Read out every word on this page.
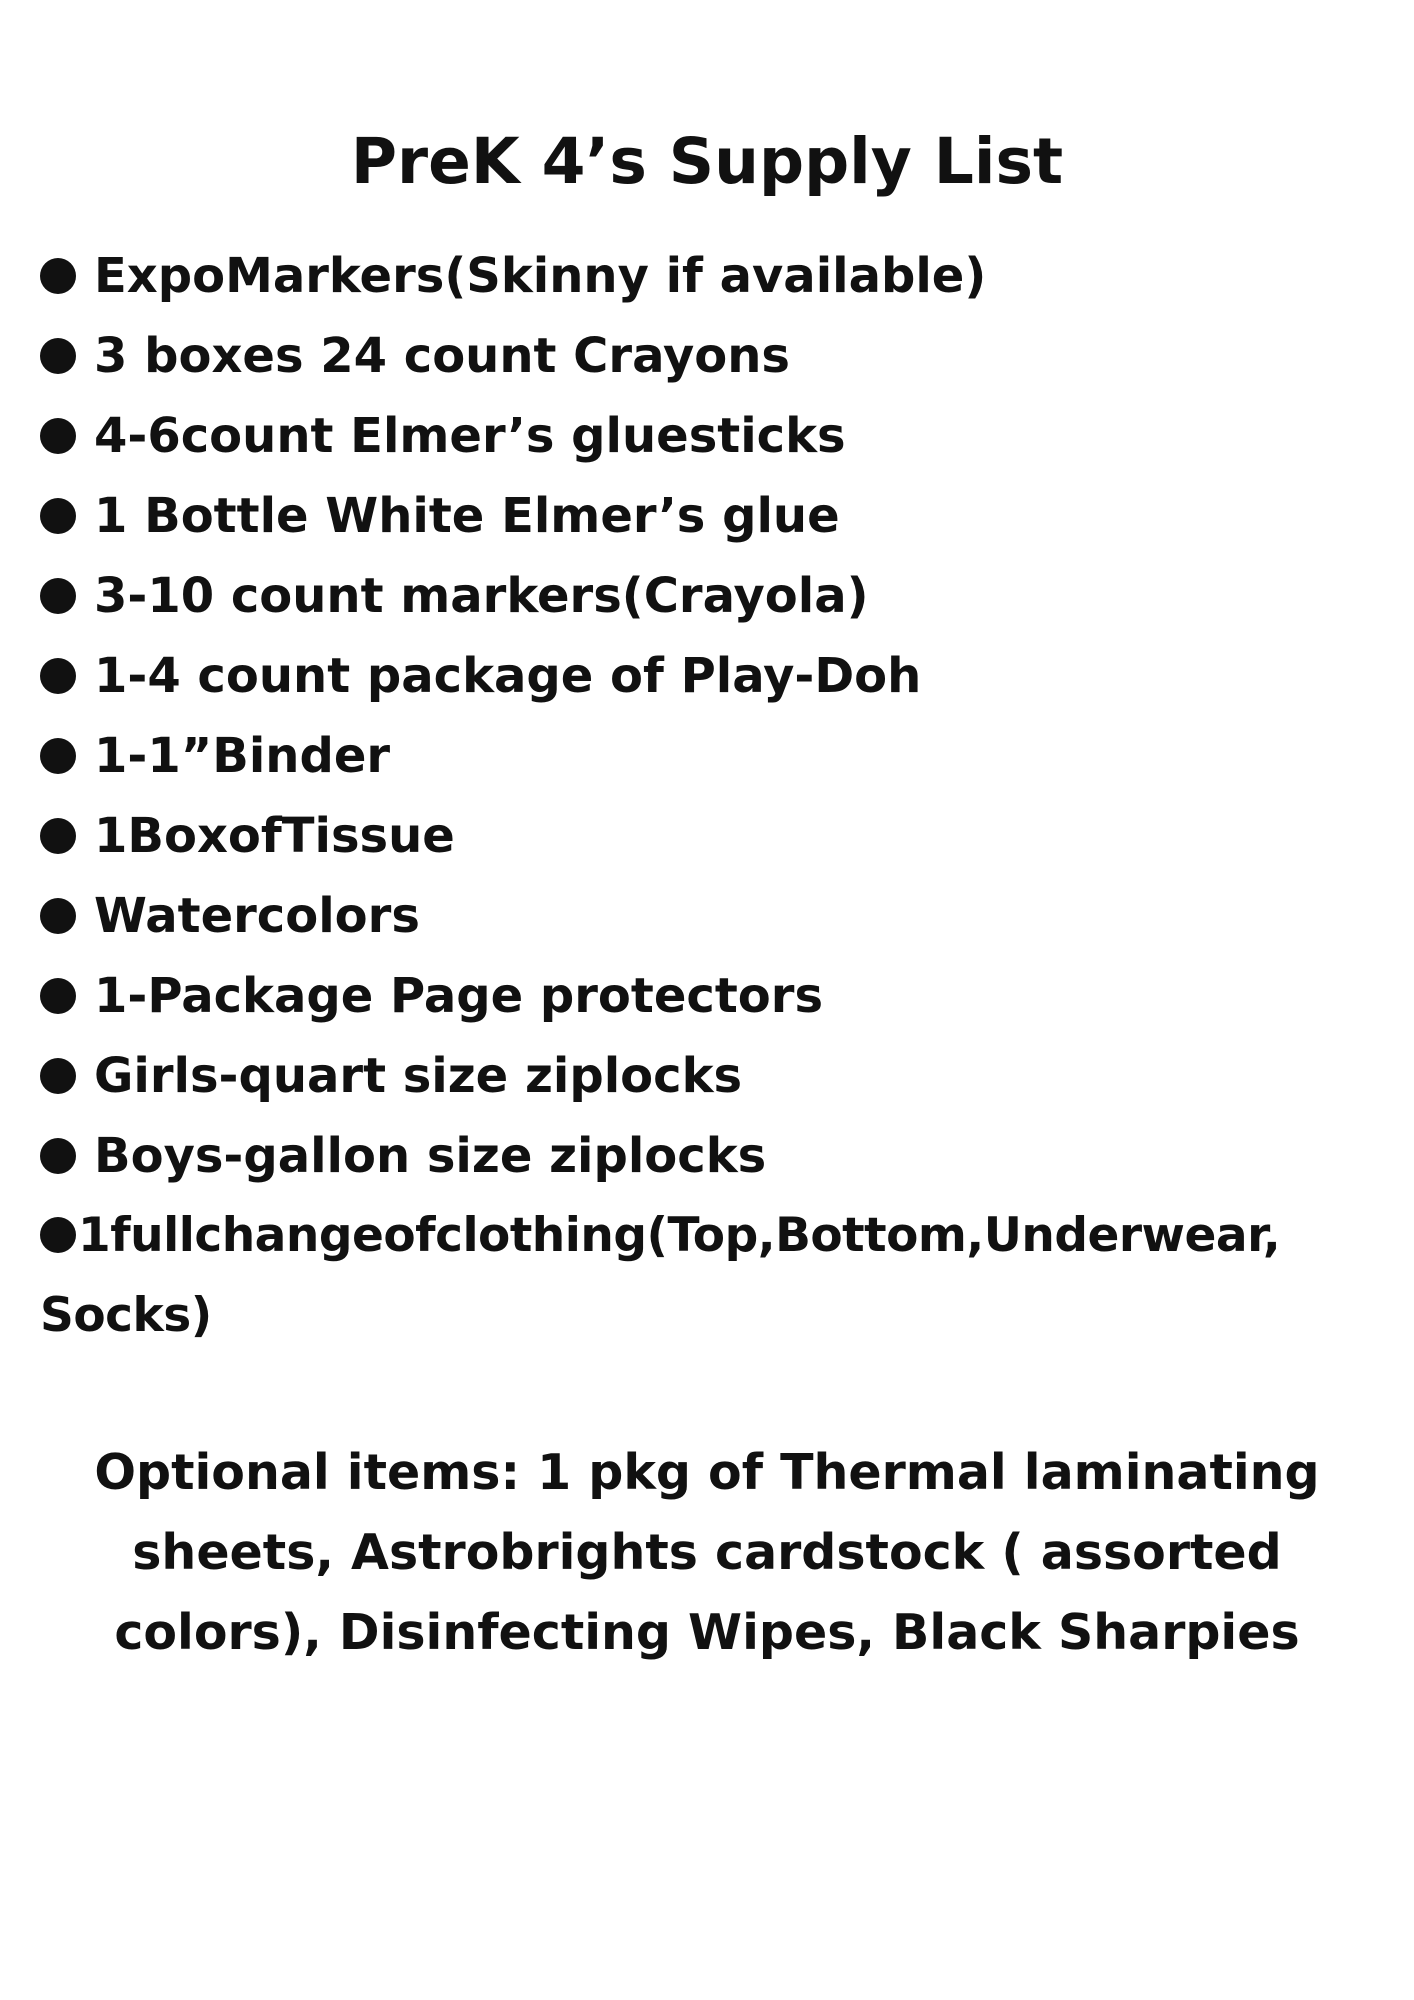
PreK 4’s Supply List
ExpoMarkers(Skinny if available)
3 boxes 24 count Crayons
4-6count Elmer’s gluesticks
1 Bottle White Elmer’s glue
3-10 count markers(Crayola)
1-4 count package of Play-Doh
1-1”Binder
1BoxofTissue
Watercolors
1-Package Page protectors
Girls-quart size ziplocks
Boys-gallon size ziplocks
1fullchangeofclothing(Top,Bottom,Underwear, Socks)

Optional items: 1 pkg of Thermal laminating sheets, Astrobrights cardstock ( assorted colors), Disinfecting Wipes, Black Sharpies
